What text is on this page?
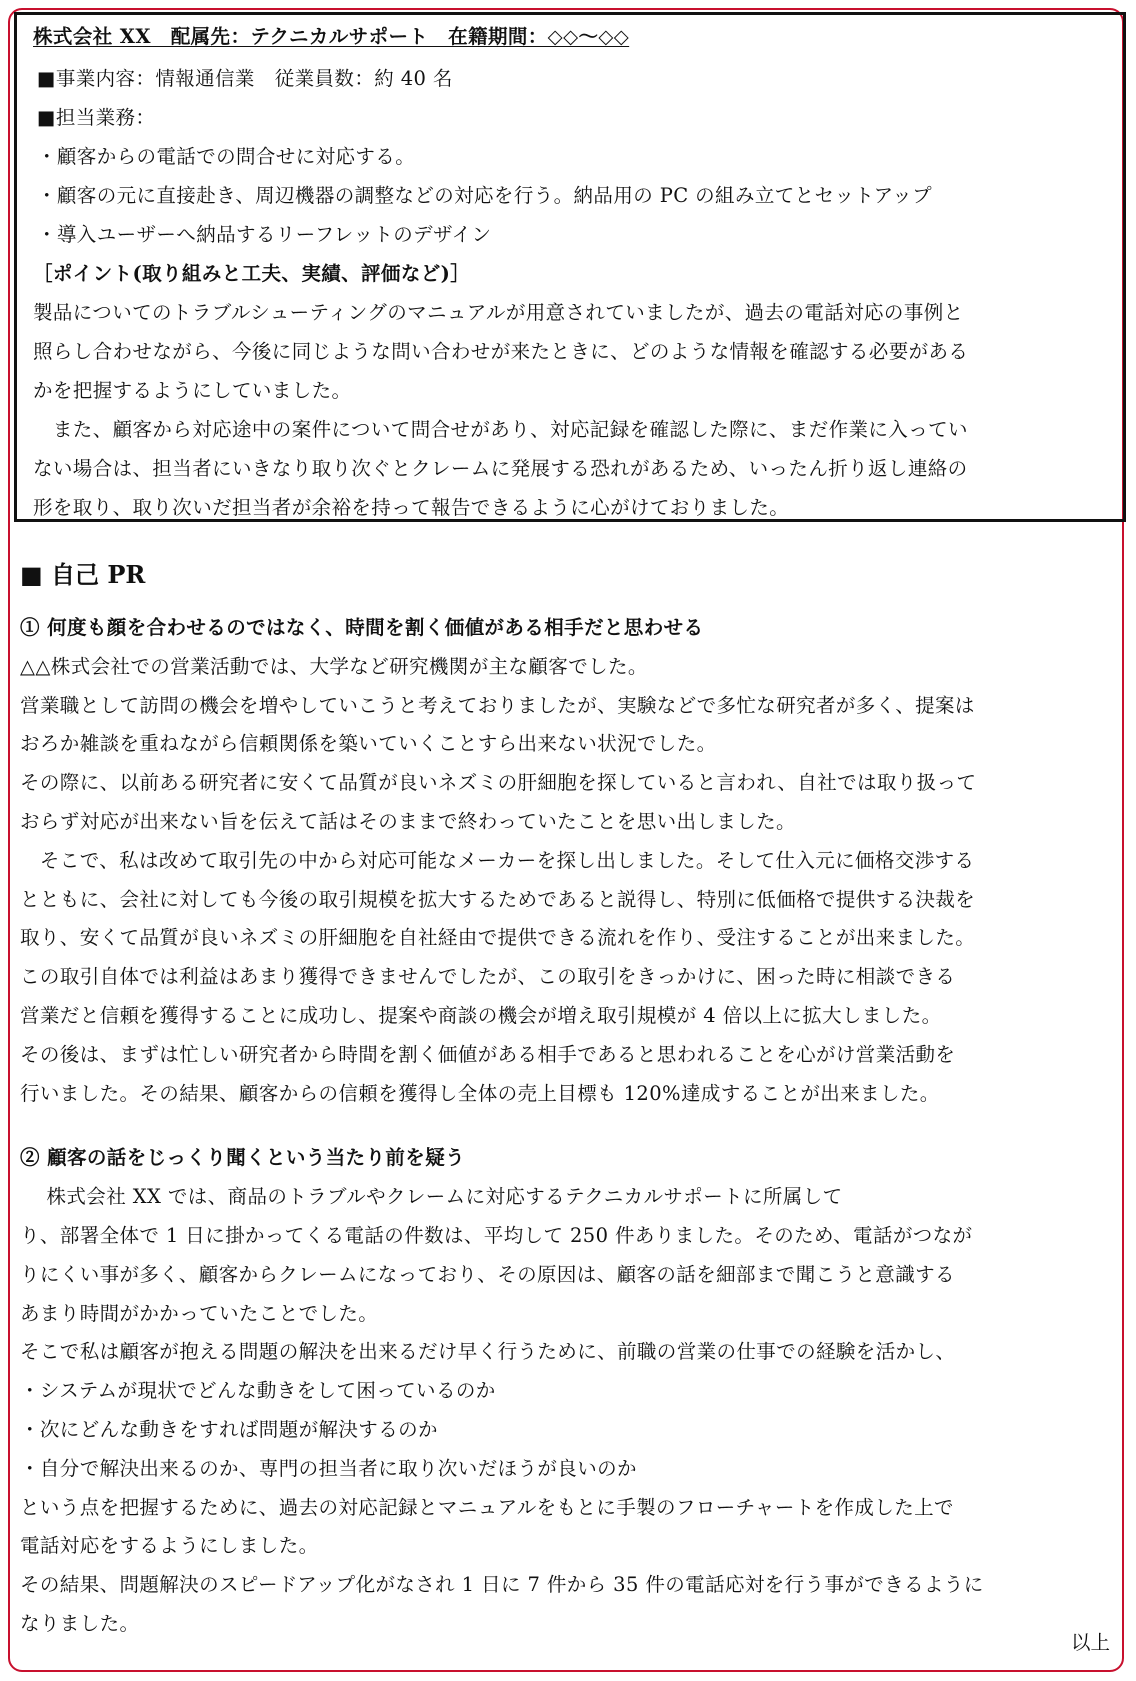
株式会社 XX　配属先：テクニカルサポート　在籍期間：◇◇〜◇◇

■事業内容：情報通信業　従業員数：約 40 名

■担当業務：

・顧客からの電話での問合せに対応する。

・顧客の元に直接赴き、周辺機器の調整などの対応を行う。納品用の PC の組み立てとセットアップ

・導入ユーザーへ納品するリーフレットのデザイン

［ポイント(取り組みと工夫、実績、評価など)］

製品についてのトラブルシューティングのマニュアルが用意されていましたが、過去の電話対応の事例と

照らし合わせながら、今後に同じような問い合わせが来たときに、どのような情報を確認する必要がある

かを把握するようにしていました。

　また、顧客から対応途中の案件について問合せがあり、対応記録を確認した際に、まだ作業に入ってい

ない場合は、担当者にいきなり取り次ぐとクレームに発展する恐れがあるため、いったん折り返し連絡の

形を取り、取り次いだ担当者が余裕を持って報告できるように心がけておりました。

■ 自己 PR

① 何度も顔を合わせるのではなく、時間を割く価値がある相手だと思わせる

△△株式会社での営業活動では、大学など研究機関が主な顧客でした。

営業職として訪問の機会を増やしていこうと考えておりましたが、実験などで多忙な研究者が多く、提案は

おろか雑談を重ねながら信頼関係を築いていくことすら出来ない状況でした。

その際に、以前ある研究者に安くて品質が良いネズミの肝細胞を探していると言われ、自社では取り扱って

おらず対応が出来ない旨を伝えて話はそのままで終わっていたことを思い出しました。

　そこで、私は改めて取引先の中から対応可能なメーカーを探し出しました。そして仕入元に価格交渉する

とともに、会社に対しても今後の取引規模を拡大するためであると説得し、特別に低価格で提供する決裁を

取り、安くて品質が良いネズミの肝細胞を自社経由で提供できる流れを作り、受注することが出来ました。

この取引自体では利益はあまり獲得できませんでしたが、この取引をきっかけに、困った時に相談できる

営業だと信頼を獲得することに成功し、提案や商談の機会が増え取引規模が 4 倍以上に拡大しました。

その後は、まずは忙しい研究者から時間を割く価値がある相手であると思われることを心がけ営業活動を

行いました。その結果、顧客からの信頼を獲得し全体の売上目標も 120%達成することが出来ました。

② 顧客の話をじっくり聞くという当たり前を疑う

　 株式会社 XX では、商品のトラブルやクレームに対応するテクニカルサポートに所属して

り、部署全体で 1 日に掛かってくる電話の件数は、平均して 250 件ありました。そのため、電話がつなが

りにくい事が多く、顧客からクレームになっており、その原因は、顧客の話を細部まで聞こうと意識する

あまり時間がかかっていたことでした。

そこで私は顧客が抱える問題の解決を出来るだけ早く行うために、前職の営業の仕事での経験を活かし、

・システムが現状でどんな動きをして困っているのか

・次にどんな動きをすれば問題が解決するのか

・自分で解決出来るのか、専門の担当者に取り次いだほうが良いのか

という点を把握するために、過去の対応記録とマニュアルをもとに手製のフローチャートを作成した上で

電話対応をするようにしました。

その結果、問題解決のスピードアップ化がなされ 1 日に 7 件から 35 件の電話応対を行う事ができるように

なりました。

以上
